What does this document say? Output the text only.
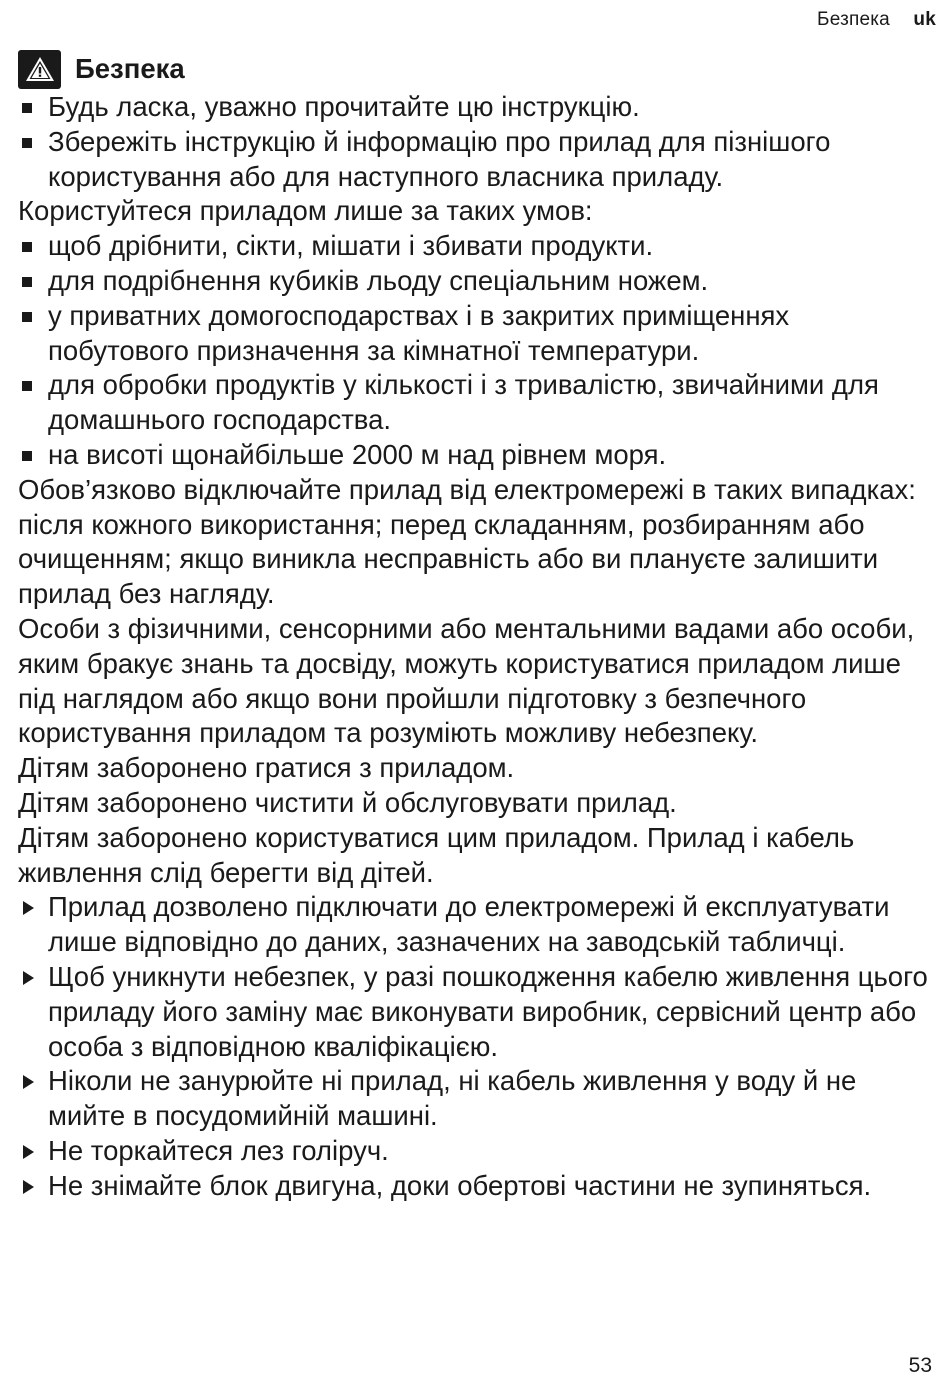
Безпека uk
Безпека
Будь ласка, уважно прочитайте цю інструкцію.
Збережіть інструкцію й інформацію про прилад для пізнішого користування або для наступного власника приладу.

Користуйтеся приладом лише за таких умов:

щоб дрібнити, сікти, мішати і збивати продукти.
для подрібнення кубиків льоду спеціальним ножем.
у приватних домогосподарствах і в закритих приміщеннях побутового призначення за кімнатної температури.
для обробки продуктів у кількості і з тривалістю, звичайними для домашнього господарства.
на висоті щонайбільше 2000 м над рівнем моря.

Обов’язково відключайте прилад від електромережі в таких випадках: після кожного використання; перед складанням, розбиранням або очищенням; якщо виникла несправність або ви плануєте залишити прилад без нагляду.

Особи з фізичними, сенсорними або ментальними вадами або особи, яким бракує знань та досвіду, можуть користуватися приладом лише під наглядом або якщо вони пройшли підготовку з безпечного користування приладом та розуміють можливу небезпеку.

Дітям заборонено гратися з приладом.

Дітям заборонено чистити й обслуговувати прилад.

Дітям заборонено користуватися цим приладом. Прилад і кабель живлення слід берегти від дітей.

Прилад дозволено підключати до електромережі й експлуатувати лише відповідно до даних, зазначених на заводській табличці.
Щоб уникнути небезпек, у разі пошкодження кабелю живлення цього приладу його заміну має виконувати виробник, сервісний центр або особа з відповідною кваліфікацією.
Ніколи не занурюйте ні прилад, ні кабель живлення у воду й не мийте в посудомийній машині.
Не торкайтеся лез голіруч.
Не знімайте блок двигуна, доки обертові частини не зупиняться.
53
